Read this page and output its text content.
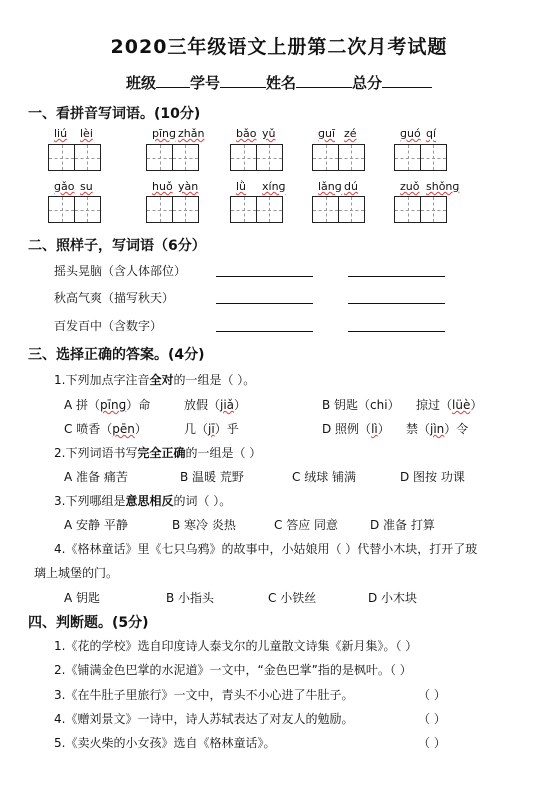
2020三年级语文上册第二次月考试题
班级 学号	姓名	总分
一、看拼音写词语。(10分)
liú lèi	pīnɡ zhǎn	bǎo yǔ	ɡuī zé	ɡuó qí
ɡǎo su	huǒ yàn	lǜ xínɡ	lǎnɡ dú	zuǒ shǒnɡ
二、照样子，写词语（6分）
摇头晃脑（含人体部位）
秋高气爽（描写秋天）
百发百中（含数字）
三、选择正确的答案。(4分)
1.下列加点字注音全对的一组是（ ）。
A 拼（pīnɡ）命	放假（jiǎ）	B 钥匙（chi） 掠过（lüè）
C 喷香（pēn）	几（jī）乎	D 照例（lì） 禁（jìn）令
2.下列词语书写完全正确的一组是（ ）
A 准备 痛苦	B 温暖 荒野	C 绒球 铺满	D 图按 功课
3.下列哪组是意思相反的词（ ）。
A 安静 平静	B 寒冷 炎热	C 答应 同意	D 准备 打算
4.《格林童话》里《七只乌鸦》的故事中，小姑娘用（ ）代替小木块，打开了玻
璃上城堡的门。
A 钥匙	B 小指头	C 小铁丝	D 小木块
四、判断题。(5分)
1.《花的学校》选自印度诗人泰戈尔的儿童散文诗集《新月集》。（ ）
2.《铺满金色巴掌的水泥道》一文中，“金色巴掌”指的是枫叶。（ ）
3.《在牛肚子里旅行》一文中，青头不小心进了牛肚子。	（ ）
4.《赠刘景文》一诗中，诗人苏轼表达了对友人的勉励。	（ ）
5.《卖火柴的小女孩》选自《格林童话》。	（ ）
